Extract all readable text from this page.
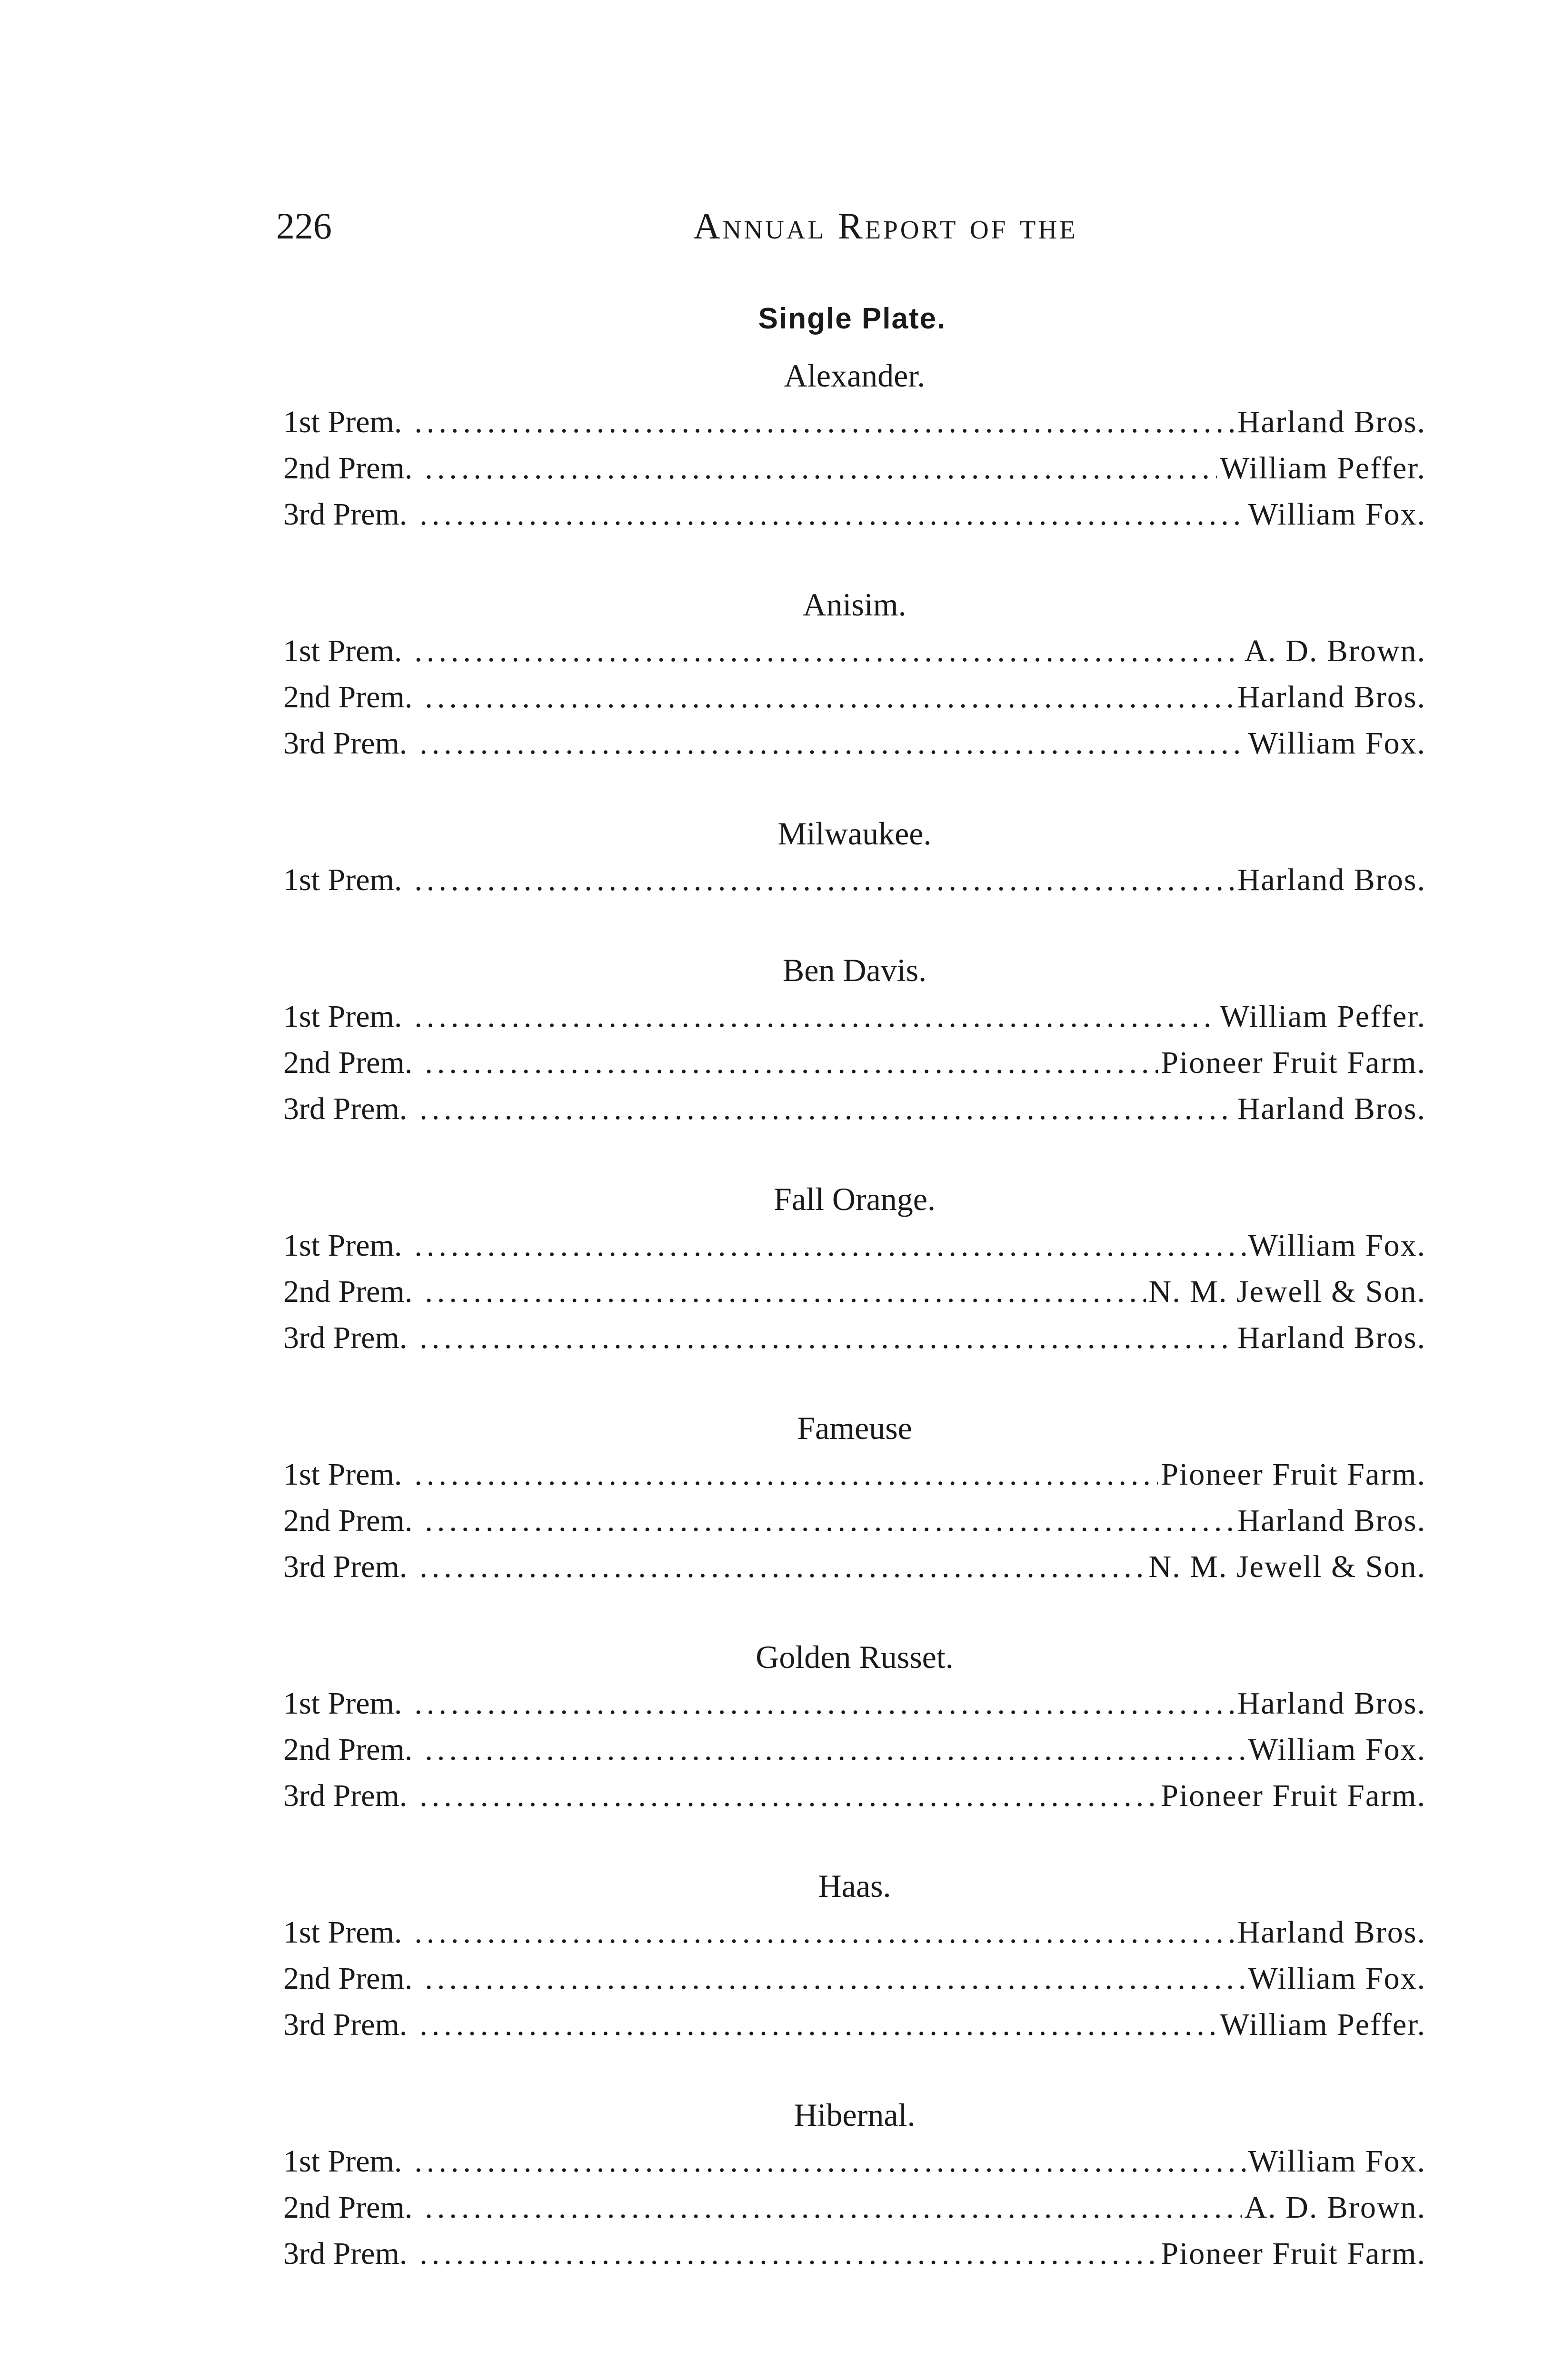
226	Annual Report of the
Single Plate.
Alexander.
1st Prem. .....	Harland Bros.
2nd Prem. .....	William Peffer.
3rd Prem. .....	William Fox.
Anisim.
1st Prem. .....	A. D. Brown.
2nd Prem. .....	Harland Bros.
3rd Prem. .....	William Fox.
Milwaukee.
1st Prem. .....	Harland Bros.
Ben Davis.
1st Prem. .....	William Peffer.
2nd Prem. .....	Pioneer Fruit Farm.
3rd Prem. .....	Harland Bros.
Fall Orange.
1st Prem. .....	William Fox.
2nd Prem. .....	N. M. Jewell & Son.
3rd Prem. .....	Harland Bros.
Fameuse
1st Prem. .....	Pioneer Fruit Farm.
2nd Prem. .....	Harland Bros.
3rd Prem. .....	N. M. Jewell & Son.
Golden Russet.
1st Prem. .....	Harland Bros.
2nd Prem. .....	William Fox.
3rd Prem. .....	Pioneer Fruit Farm.
Haas.
1st Prem. .....	Harland Bros.
2nd Prem. .....	William Fox.
3rd Prem. .....	William Peffer.
Hibernal.
1st Prem. .....	William Fox.
2nd Prem. .....	A. D. Brown.
3rd Prem. .....	Pioneer Fruit Farm.
